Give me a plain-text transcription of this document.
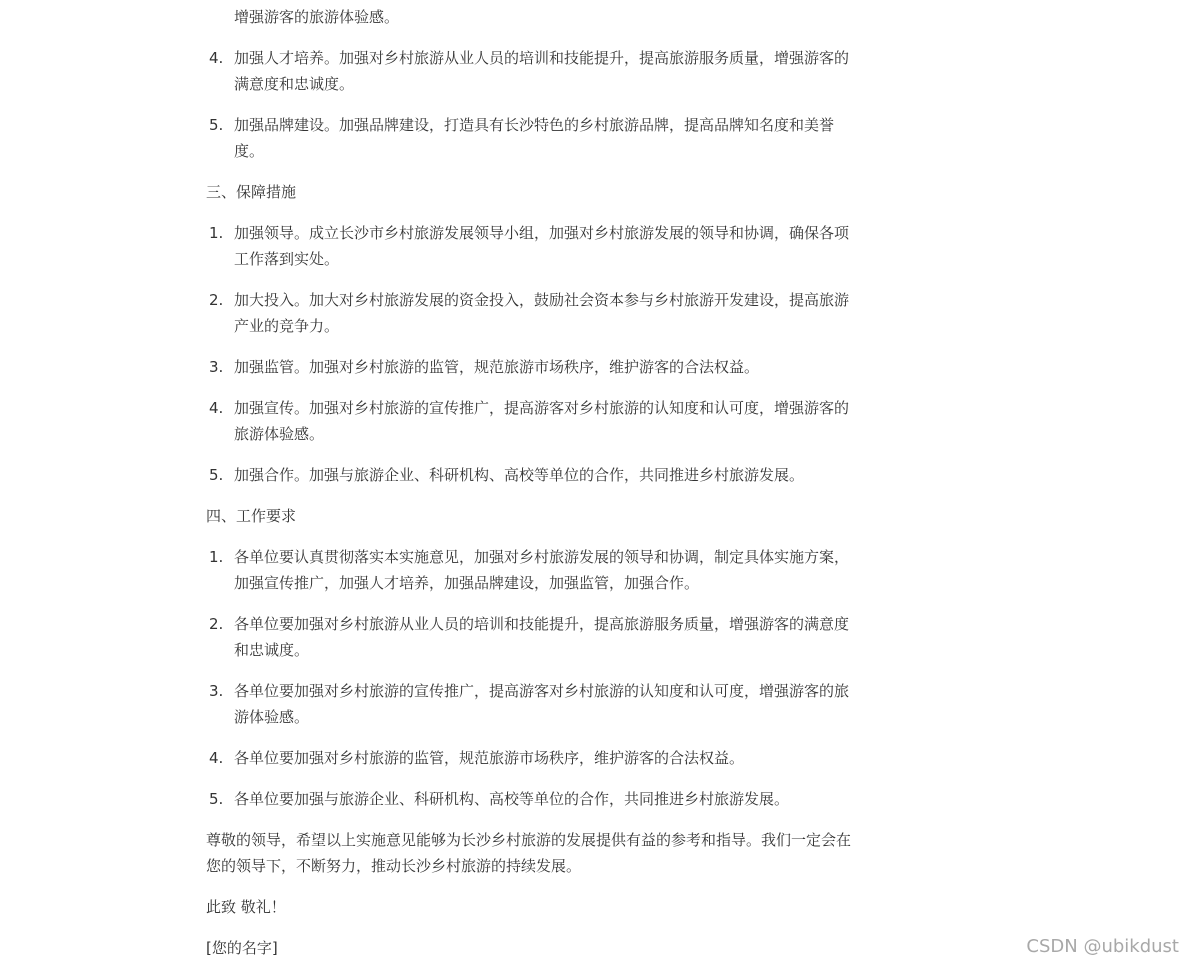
增强游客的旅游体验感。

4. 加强人才培养。加强对乡村旅游从业人员的培训和技能提升，提高旅游服务质量，增强游客的满意度和忠诚度。
5. 加强品牌建设。加强品牌建设，打造具有长沙特色的乡村旅游品牌，提高品牌知名度和美誉度。

三、保障措施

1. 加强领导。成立长沙市乡村旅游发展领导小组，加强对乡村旅游发展的领导和协调，确保各项工作落到实处。
2. 加大投入。加大对乡村旅游发展的资金投入，鼓励社会资本参与乡村旅游开发建设，提高旅游产业的竞争力。
3. 加强监管。加强对乡村旅游的监管，规范旅游市场秩序，维护游客的合法权益。
4. 加强宣传。加强对乡村旅游的宣传推广，提高游客对乡村旅游的认知度和认可度，增强游客的旅游体验感。
5. 加强合作。加强与旅游企业、科研机构、高校等单位的合作，共同推进乡村旅游发展。

四、工作要求

1. 各单位要认真贯彻落实本实施意见，加强对乡村旅游发展的领导和协调，制定具体实施方案，加强宣传推广，加强人才培养，加强品牌建设，加强监管，加强合作。
2. 各单位要加强对乡村旅游从业人员的培训和技能提升，提高旅游服务质量，增强游客的满意度和忠诚度。
3. 各单位要加强对乡村旅游的宣传推广，提高游客对乡村旅游的认知度和认可度，增强游客的旅游体验感。
4. 各单位要加强对乡村旅游的监管，规范旅游市场秩序，维护游客的合法权益。
5. 各单位要加强与旅游企业、科研机构、高校等单位的合作，共同推进乡村旅游发展。

尊敬的领导，希望以上实施意见能够为长沙乡村旅游的发展提供有益的参考和指导。我们一定会在您的领导下，不断努力，推动长沙乡村旅游的持续发展。

此致 敬礼！

[您的名字]	CSDN @ubikdust
